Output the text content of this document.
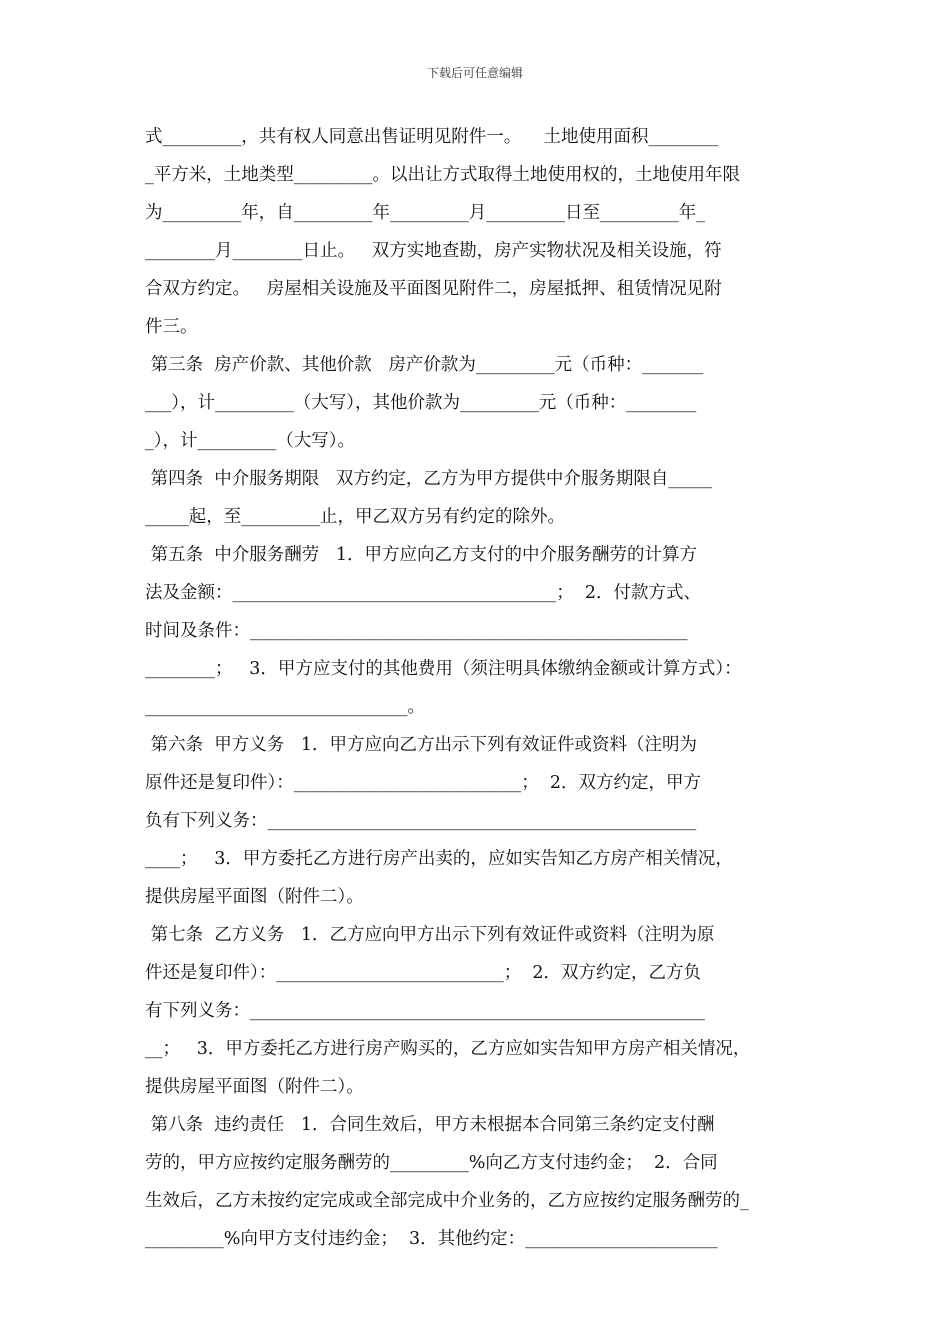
下载后可任意编辑
式_________，共有权人同意出售证明见附件一。    土地使用面积________
_平方米，土地类型_________。以出让方式取得土地使用权的，土地使用年限
为_________年，自_________年_________月_________日至_________年_
________月________日止。   双方实地查勘，房产实物状况及相关设施，符
合双方约定。   房屋相关设施及平面图见附件二，房屋抵押、租赁情况见附
件三。
第三条  房产价款、其他价款   房产价款为_________元（币种：_______
___），计_________（大写），其他价款为_________元（币种：________
_），计_________（大写）。
第四条  中介服务期限   双方约定，乙方为甲方提供中介服务期限自_____
_____起，至_________止，甲乙双方另有约定的除外。
第五条  中介服务酬劳   1．甲方应向乙方支付的中介服务酬劳的计算方
法及金额：_____________________________________；  2．付款方式、
时间及条件：__________________________________________________
________；   3．甲方应支付的其他费用（须注明具体缴纳金额或计算方式）：
______________________________。
第六条  甲方义务   1．甲方应向乙方出示下列有效证件或资料（注明为
原件还是复印件）：__________________________；  2．双方约定，甲方
负有下列义务：_________________________________________________
____；   3．甲方委托乙方进行房产出卖的，应如实告知乙方房产相关情况，
提供房屋平面图（附件二）。
第七条  乙方义务   1．乙方应向甲方出示下列有效证件或资料（注明为原
件还是复印件）：__________________________；  2．双方约定，乙方负
有下列义务：____________________________________________________
__；   3．甲方委托乙方进行房产购买的，乙方应如实告知甲方房产相关情况，
提供房屋平面图（附件二）。
第八条  违约责任   1．合同生效后，甲方未根据本合同第三条约定支付酬
劳的，甲方应按约定服务酬劳的_________%向乙方支付违约金；  2．合同
生效后，乙方未按约定完成或全部完成中介业务的，乙方应按约定服务酬劳的_
_________%向甲方支付违约金；  3．其他约定：______________________
